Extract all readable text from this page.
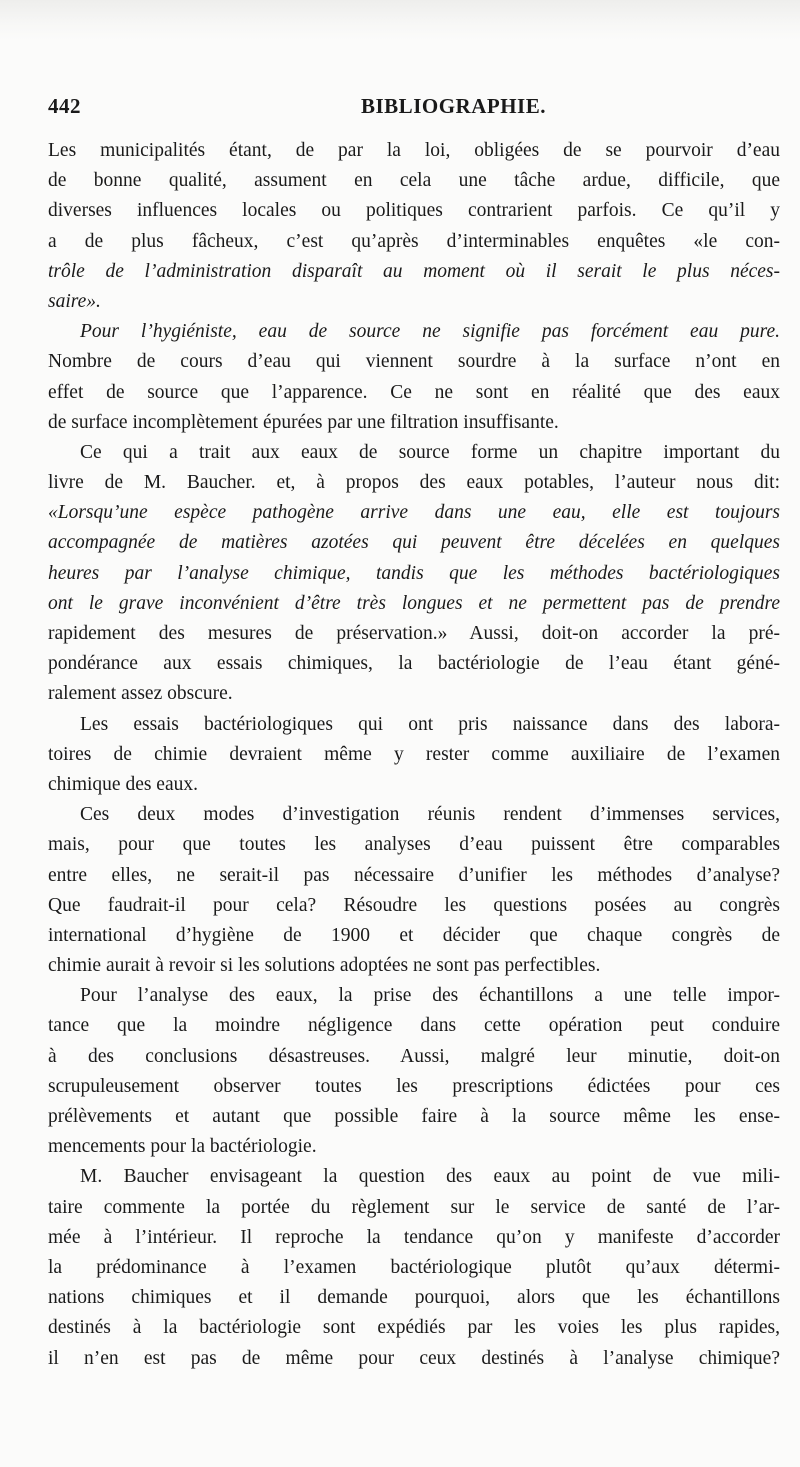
442	BIBLIOGRAPHIE.
Les municipalités étant, de par la loi, obligées de se pourvoir d’eau
de bonne qualité, assument en cela une tâche ardue, difficile, que
diverses influences locales ou politiques contrarient parfois. Ce qu’il y
a de plus fâcheux, c’est qu’après d’interminables enquêtes «le con-
trôle de l’administration disparaît au moment où il serait le plus néces-
saire».
Pour l’hygiéniste, eau de source ne signifie pas forcément eau pure.
Nombre de cours d’eau qui viennent sourdre à la surface n’ont en
effet de source que l’apparence. Ce ne sont en réalité que des eaux
de surface incomplètement épurées par une filtration insuffisante.
Ce qui a trait aux eaux de source forme un chapitre important du
livre de M. Baucher. et, à propos des eaux potables, l’auteur nous dit:
«Lorsqu’une espèce pathogène arrive dans une eau, elle est toujours
accompagnée de matières azotées qui peuvent être décelées en quelques
heures par l’analyse chimique, tandis que les méthodes bactériologiques
ont le grave inconvénient d’être très longues et ne permettent pas de prendre
rapidement des mesures de préservation.» Aussi, doit-on accorder la pré-
pondérance aux essais chimiques, la bactériologie de l’eau étant géné-
ralement assez obscure.
Les essais bactériologiques qui ont pris naissance dans des labora-
toires de chimie devraient même y rester comme auxiliaire de l’examen
chimique des eaux.
Ces deux modes d’investigation réunis rendent d’immenses services,
mais, pour que toutes les analyses d’eau puissent être comparables
entre elles, ne serait-il pas nécessaire d’unifier les méthodes d’analyse?
Que faudrait-il pour cela? Résoudre les questions posées au congrès
international d’hygiène de 1900 et décider que chaque congrès de
chimie aurait à revoir si les solutions adoptées ne sont pas perfectibles.
Pour l’analyse des eaux, la prise des échantillons a une telle impor-
tance que la moindre négligence dans cette opération peut conduire
à des conclusions désastreuses. Aussi, malgré leur minutie, doit-on
scrupuleusement observer toutes les prescriptions édictées pour ces
prélèvements et autant que possible faire à la source même les ense-
mencements pour la bactériologie.
M. Baucher envisageant la question des eaux au point de vue mili-
taire commente la portée du règlement sur le service de santé de l’ar-
mée à l’intérieur. Il reproche la tendance qu’on y manifeste d’accorder
la prédominance à l’examen bactériologique plutôt qu’aux détermi-
nations chimiques et il demande pourquoi, alors que les échantillons
destinés à la bactériologie sont expédiés par les voies les plus rapides,
il n’en est pas de même pour ceux destinés à l’analyse chimique?
